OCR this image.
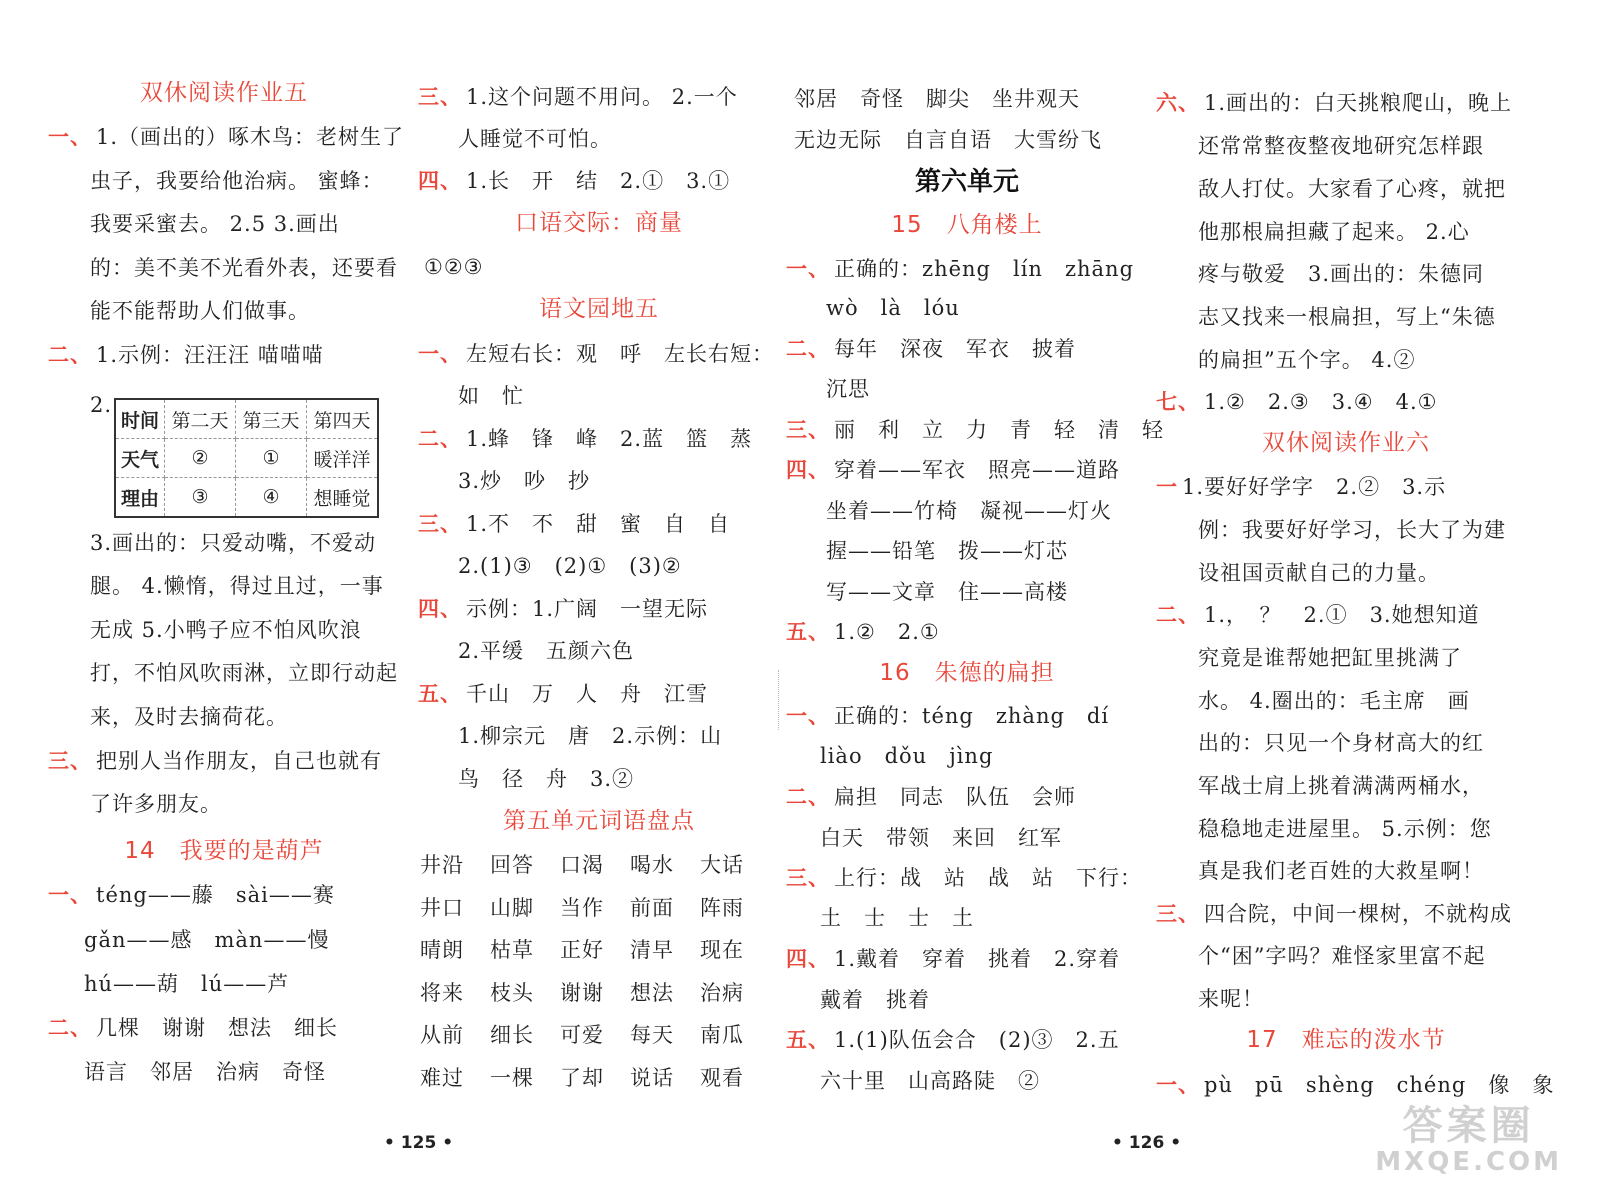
双休阅读作业五
一、 1.（画出的）啄木鸟：老树生了
虫子，我要给他治病。 蜜蜂：
我要采蜜去。 2.5 3.画出
的：美不美不光看外表，还要看
能不能帮助人们做事。
二、 1.示例：汪汪汪 喵喵喵
2.
时间	第二天	第三天	第四天
天气	②	①	暖洋洋
理由	③	④	想睡觉
3.画出的：只爱动嘴，不爱动
腿。 4.懒惰，得过且过，一事
无成 5.小鸭子应不怕风吹浪
打，不怕风吹雨淋，立即行动起
来，及时去摘荷花。
三、 把别人当作朋友，自己也就有
了许多朋友。
14　我要的是葫芦
一、 téng——藤　sài——赛
gǎn——感　màn——慢
hú——葫　lú——芦
二、 几棵　谢谢　想法　细长
语言　邻居　治病　奇怪
三、 1.这个问题不用问。 2.一个
人睡觉不可怕。
四、 1.长　开　结　2.①　3.①
口语交际：商量
①②③
语文园地五
一、 左短右长：观　呼　左长右短：
如　忙
二、 1.蜂　锋　峰　2.蓝　篮　蒸
3.炒　吵　抄
三、 1.不　不　甜　蜜　自　自
2.(1)③　(2)①　(3)②
四、 示例：1.广阔　一望无际
2.平缓　五颜六色
五、 千山　万　人　舟　江雪
1.柳宗元　唐　2.示例：山
鸟　径　舟　3.②
第五单元词语盘点
井沿 回答 口渴 喝水 大话
井口 山脚 当作 前面 阵雨
晴朗 枯草 正好 清早 现在
将来 枝头 谢谢 想法 治病
从前 细长 可爱 每天 南瓜
难过 一棵 了却 说话 观看
邻居　奇怪　脚尖　坐井观天
无边无际　自言自语　大雪纷飞
第六单元
15　八角楼上
一、 正确的：zhēng　lín　zhāng
wò　là　lóu
二、 每年　深夜　军衣　披着
沉思
三、 丽　利　立　力　青　轻　清　轻
四、 穿着——军衣　照亮——道路
坐着——竹椅　凝视——灯火
握——铅笔　拨——灯芯
写——文章　住——高楼
五、 1.②　2.①
16　朱德的扁担
一、 正确的：téng　zhàng　dí
liào　dǒu　jìng
二、 扁担　同志　队伍　会师
白天　带领　来回　红军
三、 上行：战　站　战　站　下行：
土　士　士　土
四、 1.戴着　穿着　挑着　2.穿着
戴着　挑着
五、 1.(1)队伍会合　(2)③　2.五
六十里　山高路陡　②
六、 1.画出的：白天挑粮爬山，晚上
还常常整夜整夜地研究怎样跟
敌人打仗。大家看了心疼，就把
他那根扁担藏了起来。 2.心
疼与敬爱　3.画出的：朱德同
志又找来一根扁担，写上“朱德
的扁担”五个字。 4.②
七、 1.②　2.③　3.④　4.①
双休阅读作业六
一 1.要好好学字　2.②　3.示
例：我要好好学习，长大了为建
设祖国贡献自己的力量。
二、 1.，　？　2.①　3.她想知道
究竟是谁帮她把缸里挑满了
水。 4.圈出的：毛主席　画
出的：只见一个身材高大的红
军战士肩上挑着满满两桶水，
稳稳地走进屋里。 5.示例：您
真是我们老百姓的大救星啊！
三、 四合院，中间一棵树，不就构成
个“困”字吗？难怪家里富不起
来呢！
17　难忘的泼水节
一、 pù　pū　shèng　chéng　像　象
• 125 •	• 126 •	答案圈
MXQE.COM
